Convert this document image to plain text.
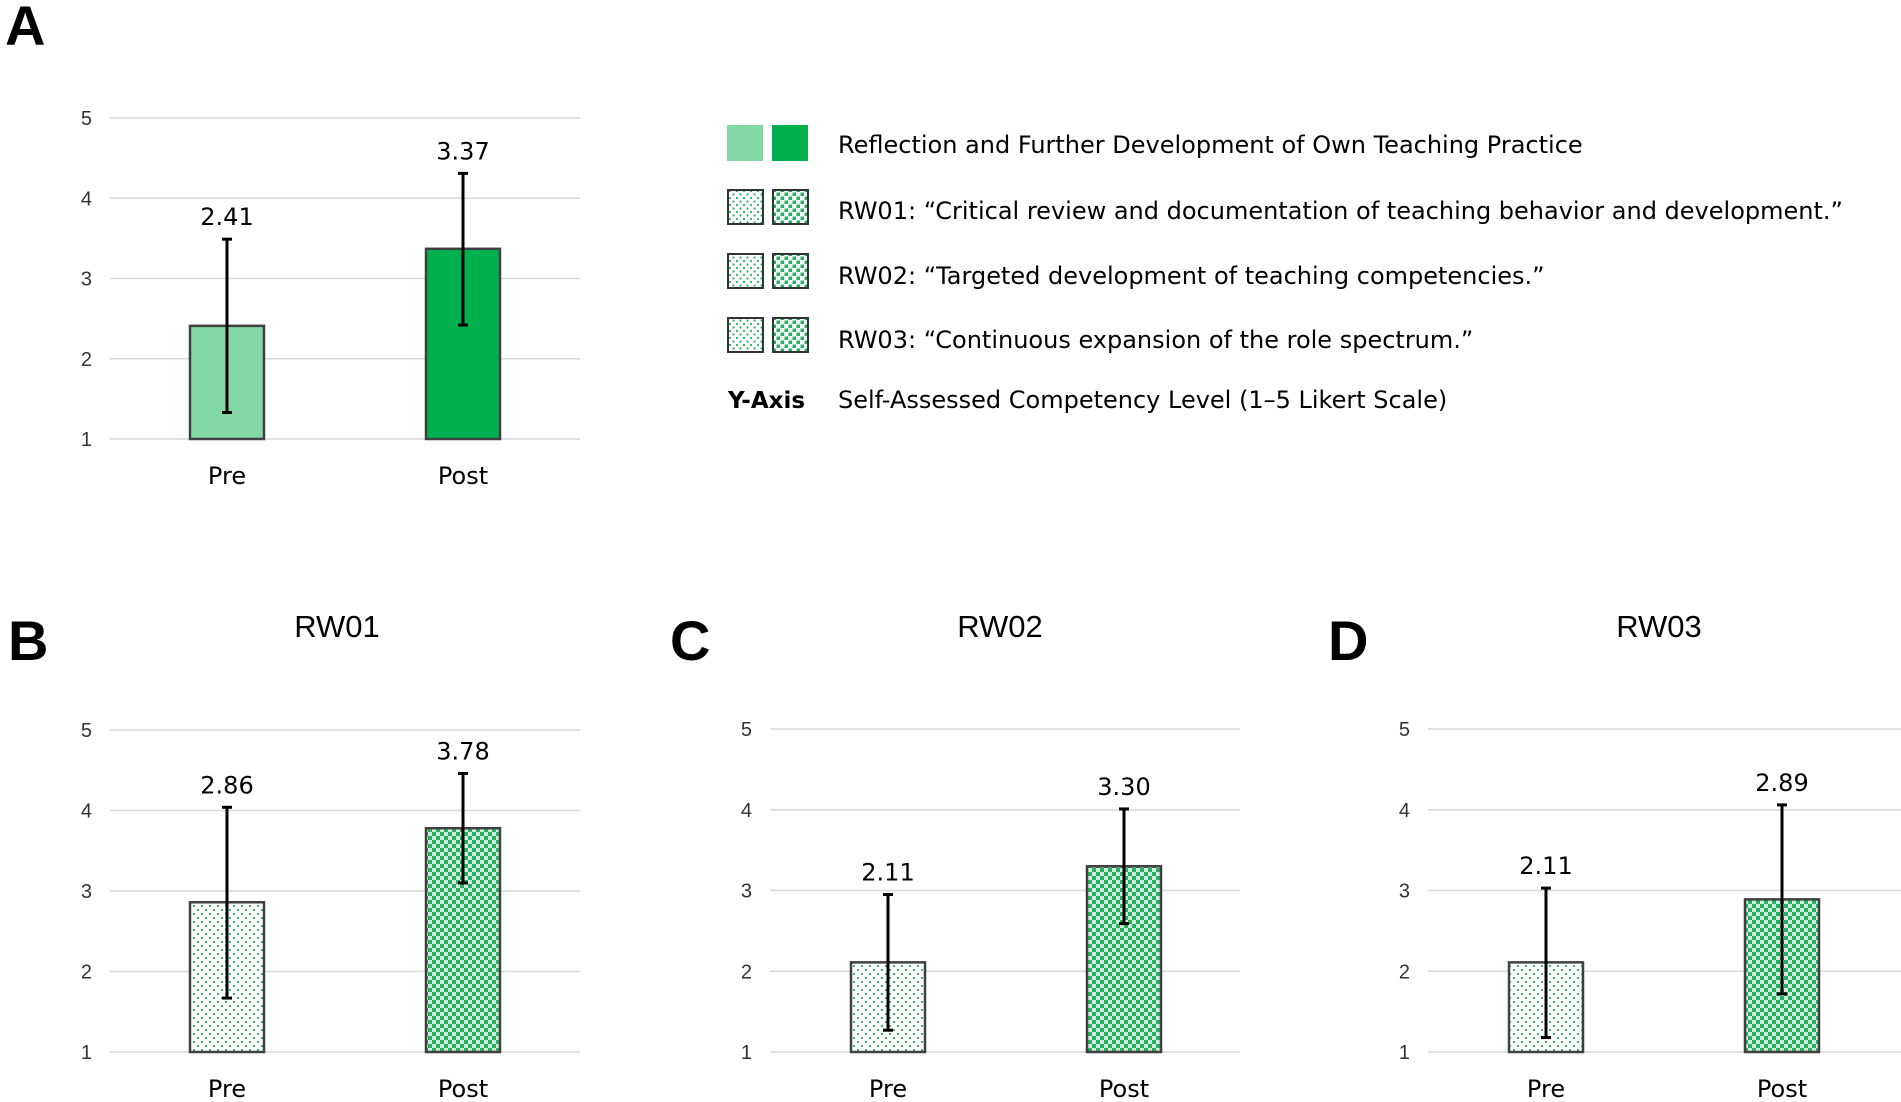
A
B	C	D
1
2
3
4
5
2.41
Pre
3.37
Post
1
2
3
4
5
RW01
2.86
Pre
3.78
Post
1
2
3
4
5
RW02
2.11
Pre
3.30
Post
1
2
3
4
5
RW03
2.11
Pre
2.89
Post
Reflection and Further Development of Own Teaching Practice
RW01: “Critical review and documentation of teaching behavior and development.”
RW02: “Targeted development of teaching competencies.”
RW03: “Continuous expansion of the role spectrum.”
Y-Axis Self-Assessed Competency Level (1–5 Likert Scale)
